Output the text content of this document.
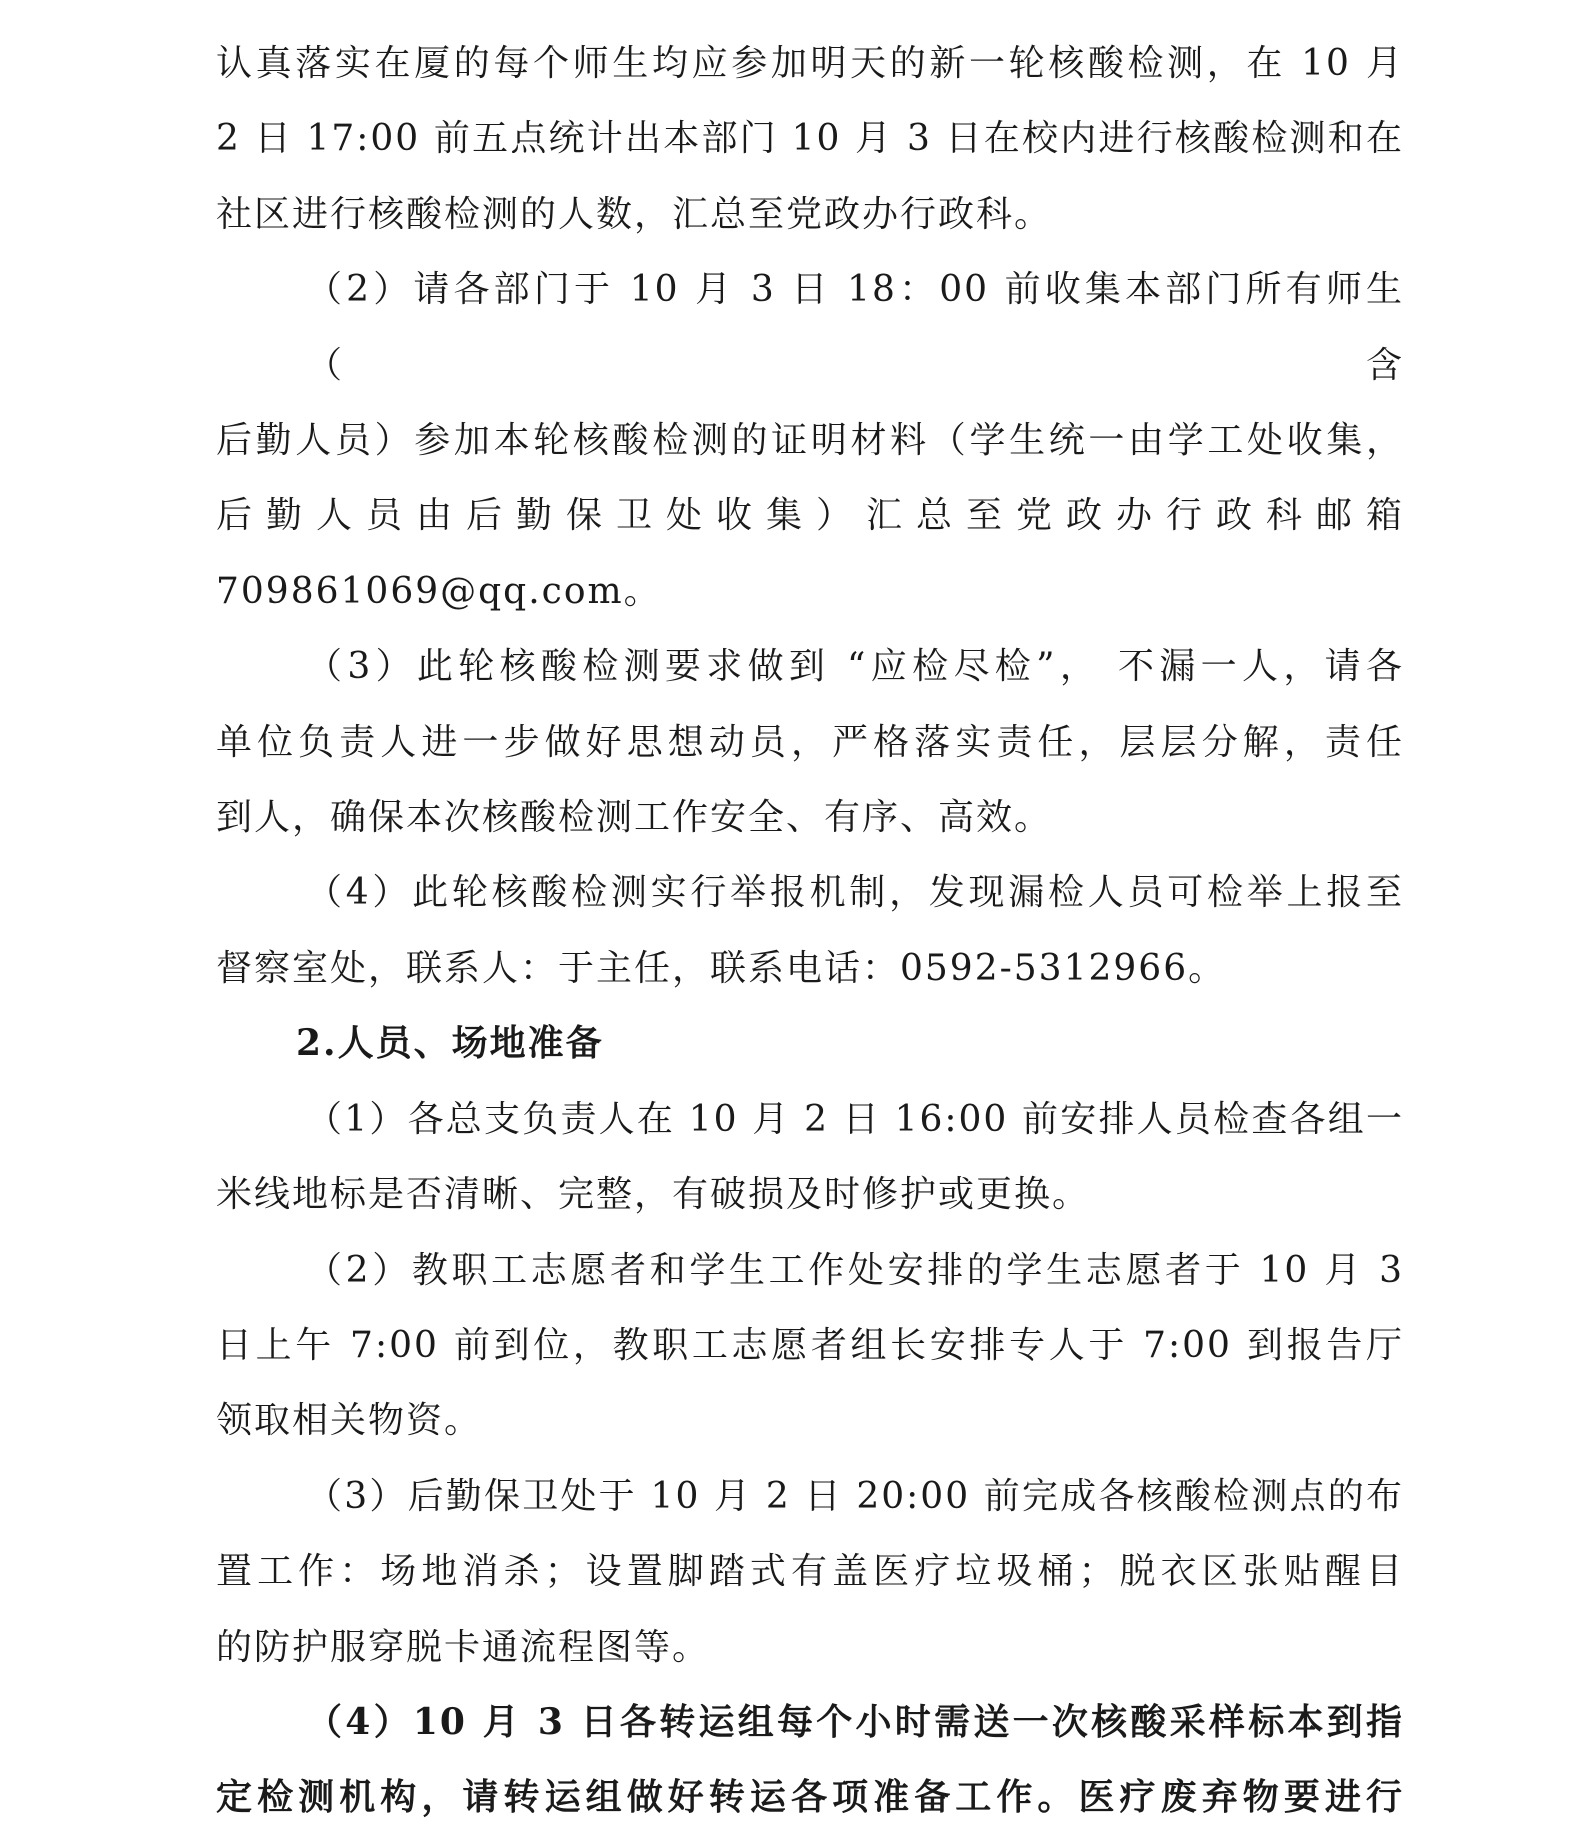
认真落实在厦的每个师生均应参加明天的新一轮核酸检测，在 10 月
2 日 17:00 前五点统计出本部门 10 月 3 日在校内进行核酸检测和在
社区进行核酸检测的人数，汇总至党政办行政科。

（2）请各部门于 10 月 3 日 18：00 前收集本部门所有师生（含
后勤人员）参加本轮核酸检测的证明材料（学生统一由学工处收集，
后勤人员由后勤保卫处收集）汇总至党政办行政科邮箱
709861069@qq.com。

（3）此轮核酸检测要求做到 “应检尽检”， 不漏一人，请各
单位负责人进一步做好思想动员，严格落实责任，层层分解，责任
到人，确保本次核酸检测工作安全、有序、高效。

（4）此轮核酸检测实行举报机制，发现漏检人员可检举上报至
督察室处，联系人：于主任，联系电话：0592-5312966。

2.人员、场地准备

（1）各总支负责人在 10 月 2 日 16:00 前安排人员检查各组一
米线地标是否清晰、完整，有破损及时修护或更换。

（2）教职工志愿者和学生工作处安排的学生志愿者于 10 月 3
日上午 7:00 前到位，教职工志愿者组长安排专人于 7:00 到报告厅
领取相关物资。

（3）后勤保卫处于 10 月 2 日 20:00 前完成各核酸检测点的布
置工作：场地消杀；设置脚踏式有盖医疗垃圾桶；脱衣区张贴醒目
的防护服穿脱卡通流程图等。

（4）10 月 3 日各转运组每个小时需送一次核酸采样标本到指
定检测机构，请转运组做好转运各项准备工作。医疗废弃物要进行
